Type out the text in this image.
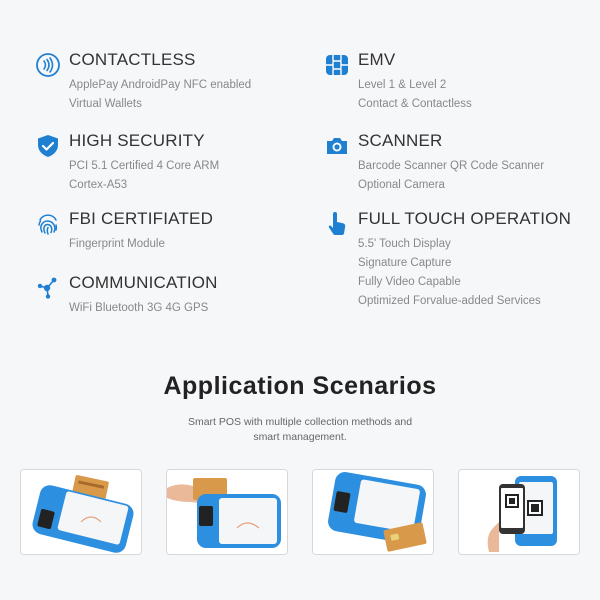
CONTACTLESS
ApplePay AndroidPay NFC enabled
Virtual Wallets
EMV
Level 1 & Level 2
Contact & Contactless
HIGH SECURITY
PCI 5.1 Certified 4 Core ARM
Cortex-A53
SCANNER
Barcode Scanner QR Code Scanner
Optional Camera
FBI CERTIFIATED
Fingerprint Module
FULL TOUCH OPERATION
5.5' Touch Display
Signature Capture
Fully Video Capable
Optimized Forvalue-added Services
COMMUNICATION
WiFi Bluetooth 3G 4G GPS
Application Scenarios
Smart POS with multiple collection methods and
smart management.
